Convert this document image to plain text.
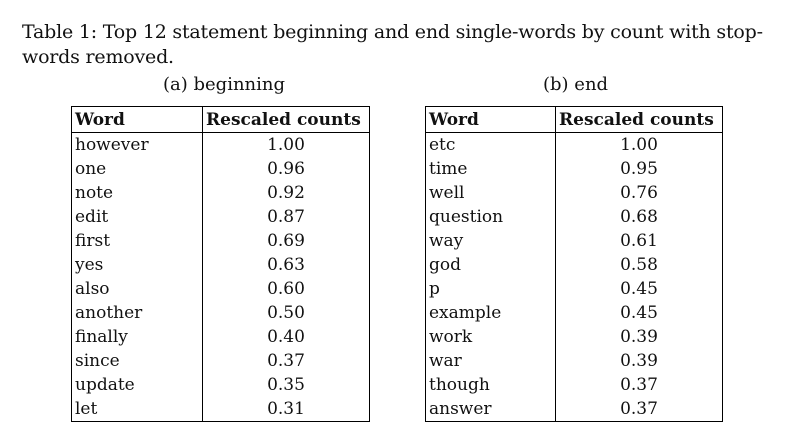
Table 1: Top 12 statement beginning and end single-words by count with stop-words removed.
(a) beginning	(b) end
Word	Rescaled counts
however	1.00
one	0.96
note	0.92
edit	0.87
first	0.69
yes	0.63
also	0.60
another	0.50
finally	0.40
since	0.37
update	0.35
let	0.31
Word	Rescaled counts
etc	1.00
time	0.95
well	0.76
question	0.68
way	0.61
god	0.58
p	0.45
example	0.45
work	0.39
war	0.39
though	0.37
answer	0.37
